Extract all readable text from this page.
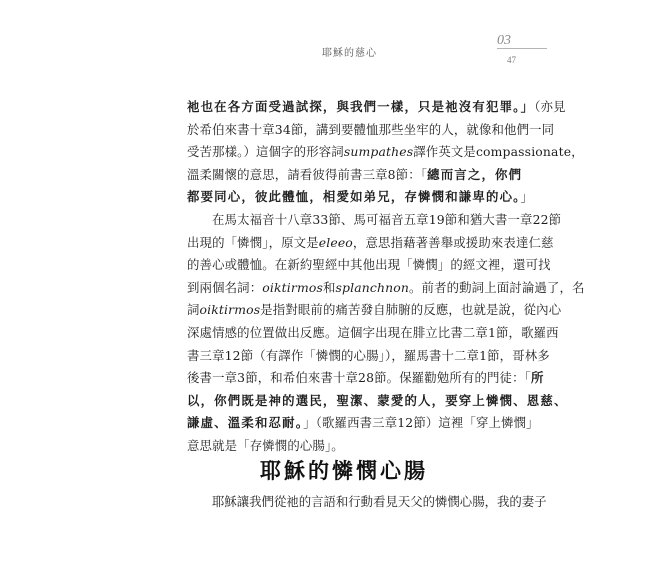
耶穌的慈心
03
47
祂也在各方面受過試探，與我們一樣，只是祂沒有犯罪。」（亦見
於希伯來書十章34節，講到要體恤那些坐牢的人，就像和他們一同
受苦那樣。）這個字的形容詞sumpathes譯作英文是compassionate，
溫柔關懷的意思，請看彼得前書三章8節：「總而言之，你們
都要同心，彼此體恤，相愛如弟兄，存憐憫和謙卑的心。」
在馬太福音十八章33節、馬可福音五章19節和猶大書一章22節
出現的「憐憫」，原文是eleeo，意思指藉著善舉或援助來表達仁慈
的善心或體恤。在新約聖經中其他出現「憐憫」的經文裡，還可找
到兩個名詞：oiktirmos和splanchnon。前者的動詞上面討論過了，名
詞oiktirmos是指對眼前的痛苦發自肺腑的反應，也就是說，從內心
深處情感的位置做出反應。這個字出現在腓立比書二章1節，歌羅西
書三章12節（有譯作「憐憫的心腸」），羅馬書十二章1節，哥林多
後書一章3節，和希伯來書十章28節。保羅勸勉所有的門徒：「所
以，你們既是神的選民，聖潔、蒙愛的人，要穿上憐憫、恩慈、
謙虛、溫柔和忍耐。」（歌羅西書三章12節）這裡「穿上憐憫」
意思就是「存憐憫的心腸」。
耶穌的憐憫心腸
耶穌讓我們從祂的言語和行動看見天父的憐憫心腸，我的妻子
